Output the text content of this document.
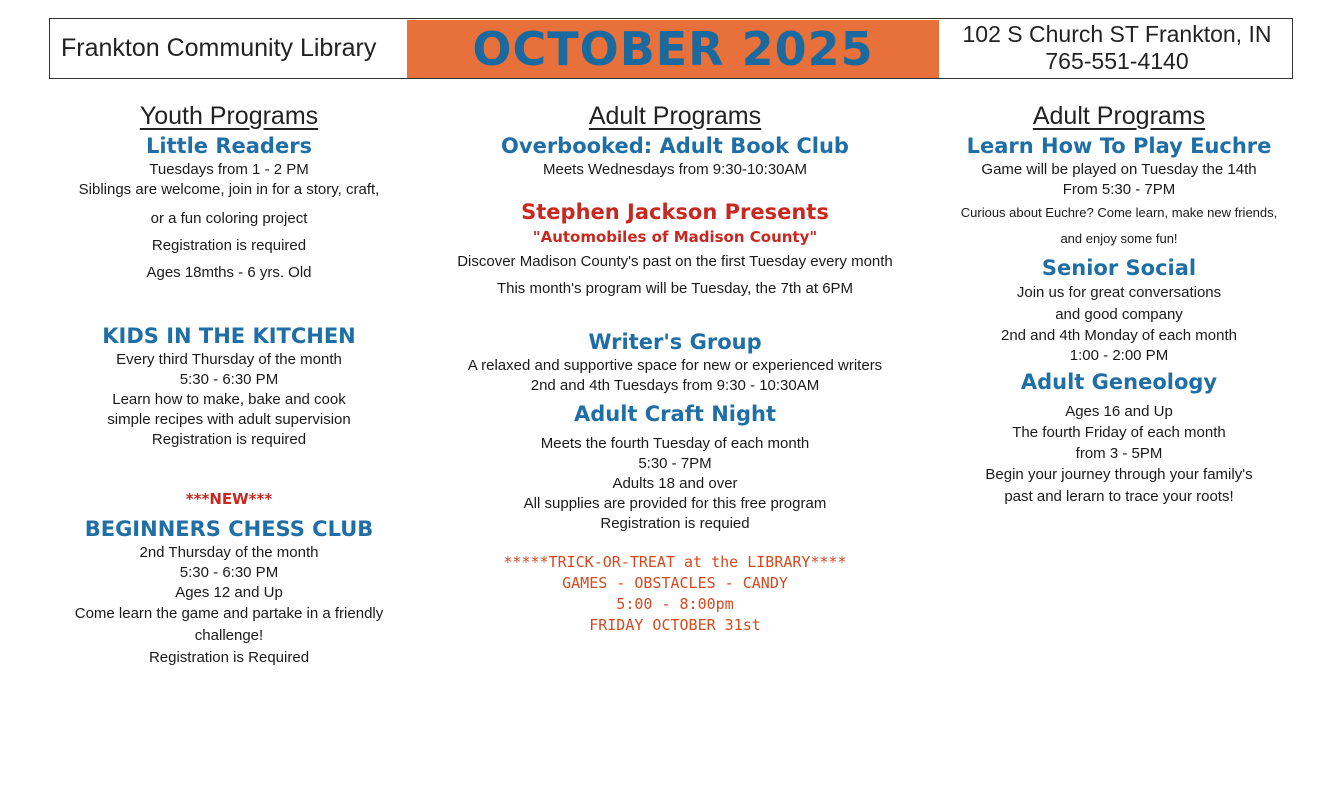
Frankton Community Library	OCTOBER 2025	102 S Church ST Frankton, IN
765-551-4140

Youth Programs

Little Readers

Tuesdays from 1 - 2 PM

Siblings are welcome, join in for a story, craft,

or a fun coloring project

Registration is required

Ages 18mths - 6 yrs. Old

KIDS IN THE KITCHEN

Every third Thursday of the month

5:30 - 6:30 PM

Learn how to make, bake and cook

simple recipes with adult supervision

Registration is required

***NEW***

BEGINNERS CHESS CLUB

2nd Thursday of the month

5:30 - 6:30 PM

Ages 12 and Up

Come learn the game and partake in a friendly

challenge!

Registration is Required

Adult Programs

Overbooked: Adult Book Club

Meets Wednesdays from 9:30-10:30AM

Stephen Jackson Presents

"Automobiles of Madison County"

Discover Madison County's past on the first Tuesday every month

This month's program will be Tuesday, the 7th at 6PM

Writer's Group

A relaxed and supportive space for new or experienced writers

2nd and 4th Tuesdays from 9:30 - 10:30AM

Adult Craft Night

Meets the fourth Tuesday of each month

5:30 - 7PM

Adults 18 and over

All supplies are provided for this free program

Registration is requied

*****TRICK-OR-TREAT at the LIBRARY****
GAMES - OBSTACLES - CANDY
5:00 - 8:00pm
FRIDAY OCTOBER 31st

Adult Programs

Learn How To Play Euchre

Game will be played on Tuesday the 14th

From 5:30 - 7PM

Curious about Euchre? Come learn, make new friends,

and enjoy some fun!

Senior Social

Join us for great conversations

and good company

2nd and 4th Monday of each month

1:00 - 2:00 PM

Adult Geneology

Ages 16 and Up

The fourth Friday of each month

from 3 - 5PM

Begin your journey through your family's

past and lerarn to trace your roots!
